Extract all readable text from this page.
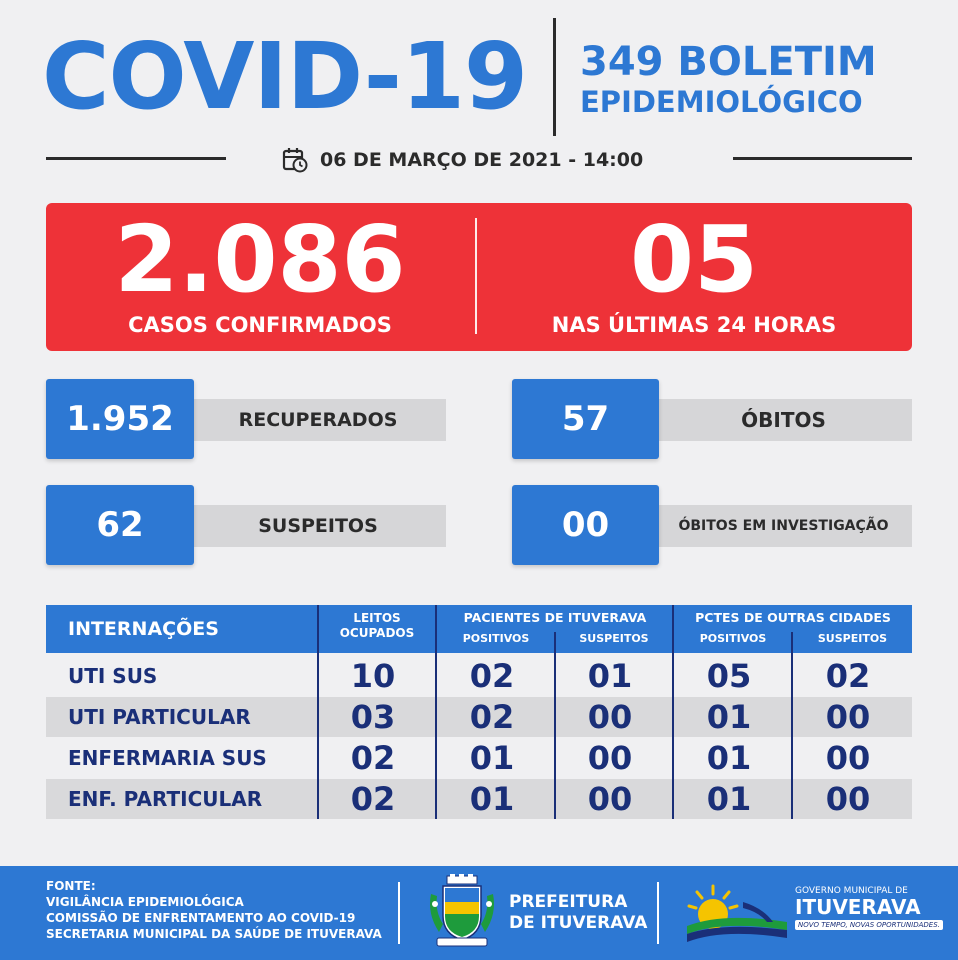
COVID-19	349 BOLETIM
EPIDEMIOLÓGICO
06 DE MARÇO DE 2021 - 14:00
2.086
CASOS CONFIRMADOS
05
NAS ÚLTIMAS 24 HORAS
RECUPERADOS
1.952	ÓBITOS
57
SUSPEITOS
62	ÓBITOS EM INVESTIGAÇÃO
00
INTERNAÇÕES	LEITOS
OCUPADOS
PACIENTES DE ITUVERAVA	PCTES DE OUTRAS CIDADES
POSITIVOS	SUSPEITOS	POSITIVOS	SUSPEITOS
UTI SUS	10	02	01	05	02
UTI PARTICULAR	03	02	00	01	00
ENFERMARIA SUS	02	01	00	01	00
ENF. PARTICULAR	02	01	00	01	00
FONTE:
VIGILÂNCIA EPIDEMIOLÓGICA
COMISSÃO DE ENFRENTAMENTO AO COVID-19
SECRETARIA MUNICIPAL DA SAÚDE DE ITUVERAVA
PREFEITURA
DE ITUVERAVA
GOVERNO MUNICIPAL DE
ITUVERAVA
NOVO TEMPO, NOVAS OPORTUNIDADES.
